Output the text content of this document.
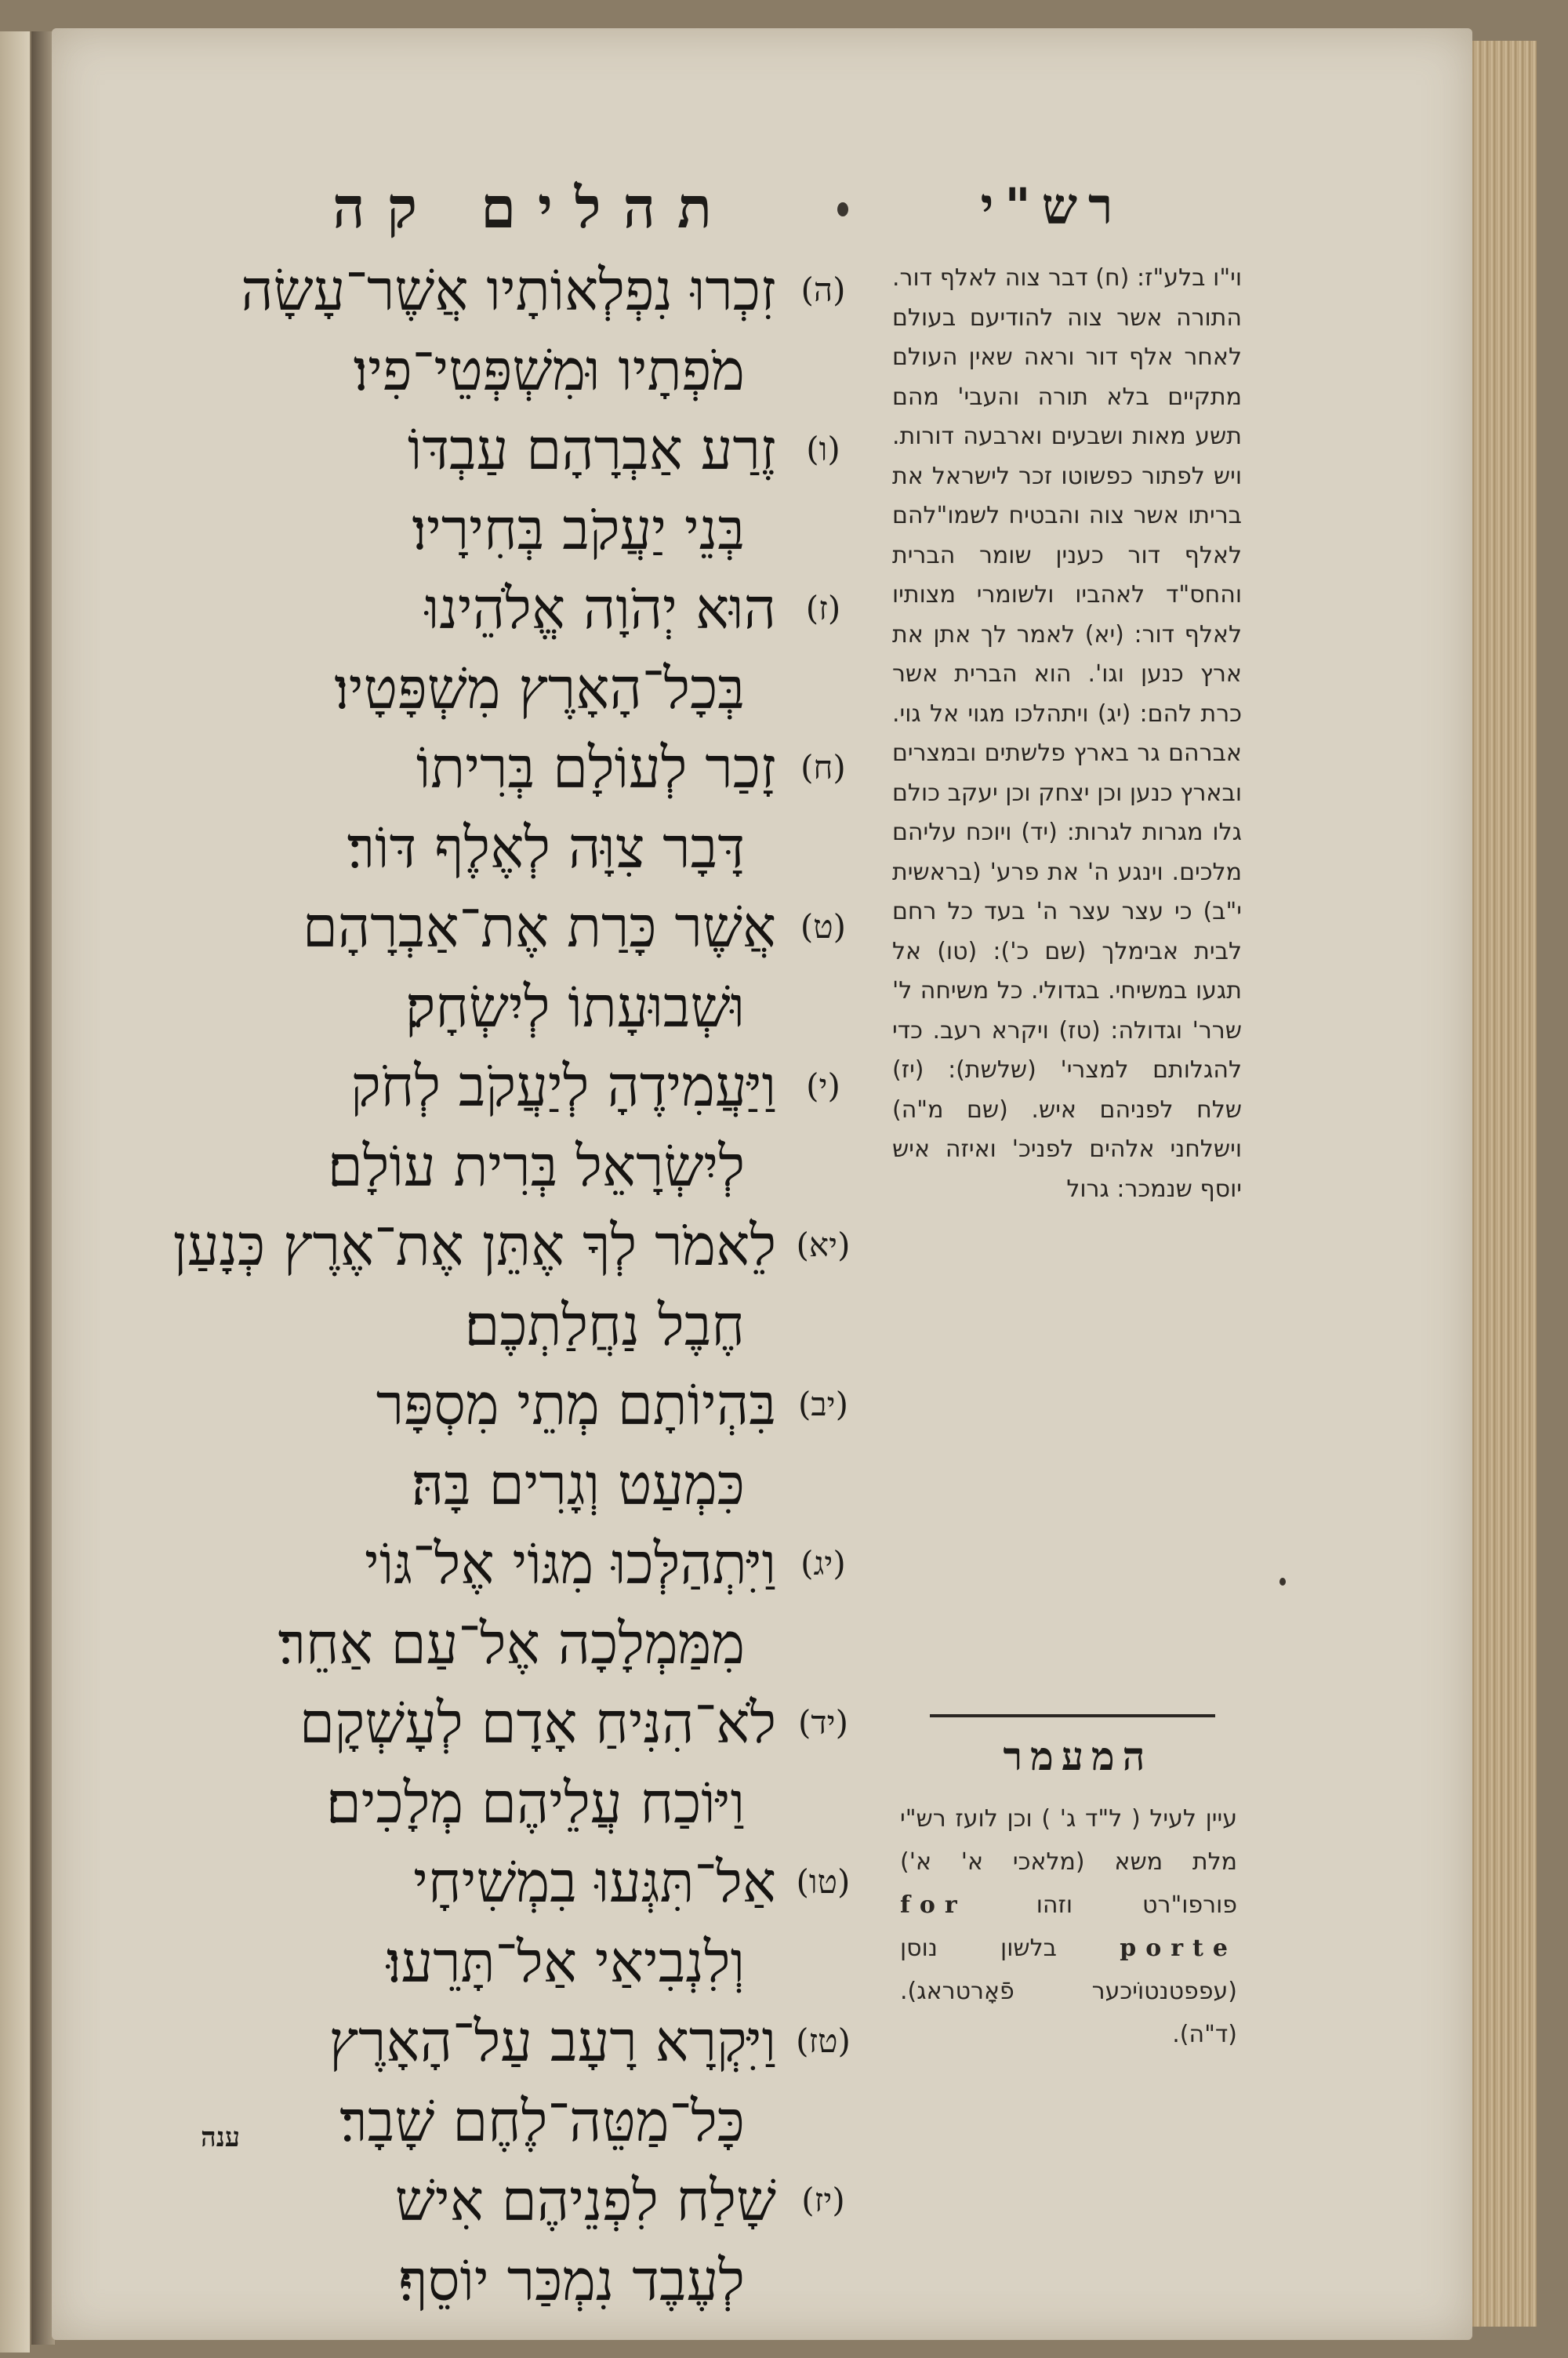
רש"י
תהלים קה
(ה)
זִכְרוּ נִפְלְאוֹתָיו אֲשֶׁר־עָשָׂה
מֹפְתָיו וּמִשְׁפְּטֵי־פִיו׃
(ו)
זֶרַע אַבְרָהָם עַבְדּוֹ
בְּנֵי יַעֲקֹב בְּחִירָיו׃
(ז)
הוּא יְהֹוָה אֱלֹהֵינוּ
בְּכָל־הָאָרֶץ מִשְׁפָּטָיו׃
(ח)
זָכַר לְעוֹלָם בְּרִיתוֹ
דָּבָר צִוָּה לְאֶלֶף דּוֹר׃
(ט)
אֲשֶׁר כָּרַת אֶת־אַבְרָהָם
וּשְׁבוּעָתוֹ לְיִשְׂחָק׃
(י)
וַיַּעֲמִידֶהָ לְיַעֲקֹב לְחֹק
לְיִשְׂרָאֵל בְּרִית עוֹלָם׃
(יא)
לֵאמֹר לְךָ אֶתֵּן אֶת־אֶרֶץ כְּנָעַן
חֶבֶל נַחֲלַתְכֶם׃
(יב)
בִּהְיוֹתָם מְתֵי מִסְפָּר
כִּמְעַט וְגָרִים בָּהּ׃
(יג)
וַיִּתְהַלְּכוּ מִגּוֹי אֶל־גּוֹי
מִמַּמְלָכָה אֶל־עַם אַחֵר׃
(יד)
לֹא־הִנִּיחַ אָדָם לְעָשְׁקָם
וַיּוֹכַח עֲלֵיהֶם מְלָכִים׃
(טו)
אַל־תִּגְּעוּ בִמְשִׁיחָי
וְלִנְבִיאַי אַל־תָּרֵעוּ׃
(טז)
וַיִּקְרָא רָעָב עַל־הָאָרֶץ
כָּל־מַטֵּה־לֶחֶם שָׁבָר׃
(יז)
שָׁלַח לִפְנֵיהֶם אִישׁ
לְעֶבֶד נִמְכַּר יוֹסֵף׃
וי"ו בלע"ז: (ח) דבר צוה לאלף דור. התורה אשר צוה להודיעם בעולם לאחר אלף דור וראה שאין העולם מתקיים בלא תורה והעבי' מהם תשע מאות ושבעים וארבעה דורות. ויש לפתור כפשוטו זכר לישראל את בריתו אשר צוה והבטיח לשמו"להם לאלף דור כענין שומר הברית והחס"ד לאהביו ולשומרי מצותיו לאלף דור: (יא) לאמר לך אתן את ארץ כנען וגו'. הוא הברית אשר כרת להם: (יג) ויתהלכו מגוי אל גוי. אברהם גר בארץ פלשתים ובמצרים ובארץ כנען וכן יצחק וכן יעקב כולם גלו מגרות לגרות: (יד) ויוכח עליהם מלכים. וינגע ה' את פרע' (בראשית י"ב) כי עצר עצר ה' בעד כל רחם לבית אבימלך (שם כ'): (טו) אל תגעו במשיחי. בגדולי. כל משיחה ל' שרר' וגדולה: (טז) ויקרא רעב. כדי להגלותם למצרי' (שלשת): (יז) שלח לפניהם איש. (שם מ"ה) וישלחני אלהים לפניכ' ואיזה איש יוסף שנמכר: גרול
המעמר
עיין לעיל ( ל"ד ג' ) וכן לועז רש"י מלת משא (מלאכי א' א') פורפו"רט וזהו for porte בלשון נוסן (עפפטנטוֹיכער פֿאָרטראג). (ד"ה).
ענה
